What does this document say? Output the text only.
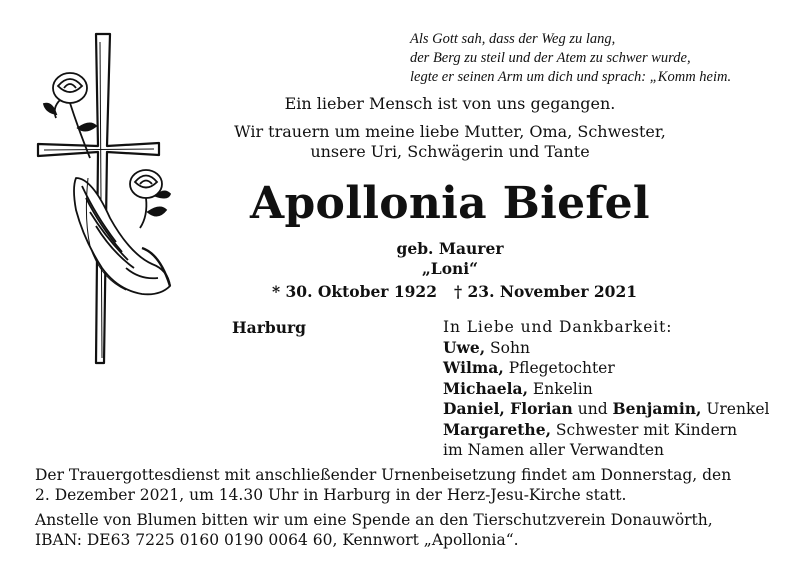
Als Gott sah, dass der Weg zu lang,
der Berg zu steil und der Atem zu schwer wurde,
legte er seinen Arm um dich und sprach: „Komm heim.
Ein lieber Mensch ist von uns gegangen.
Wir trauern um meine liebe Mutter, Oma, Schwester,
unsere Uri, Schwägerin und Tante
Apollonia Biefel
geb. Maurer
„Loni“
* 30. Oktober 1922 † 23. November 2021
Harburg	In Liebe und Dankbarkeit:
Uwe, Sohn
Wilma, Pflegetochter
Michaela, Enkelin
Daniel, Florian und Benjamin, Urenkel
Margarethe, Schwester mit Kindern
im Namen aller Verwandten
Der Trauergottesdienst mit anschließender Urnenbeisetzung findet am Donnerstag, den
2. Dezember 2021, um 14.30 Uhr in Harburg in der Herz-Jesu-Kirche statt.
Anstelle von Blumen bitten wir um eine Spende an den Tierschutzverein Donauwörth,
IBAN: DE63 7225 0160 0190 0064 60, Kennwort „Apollonia“.
